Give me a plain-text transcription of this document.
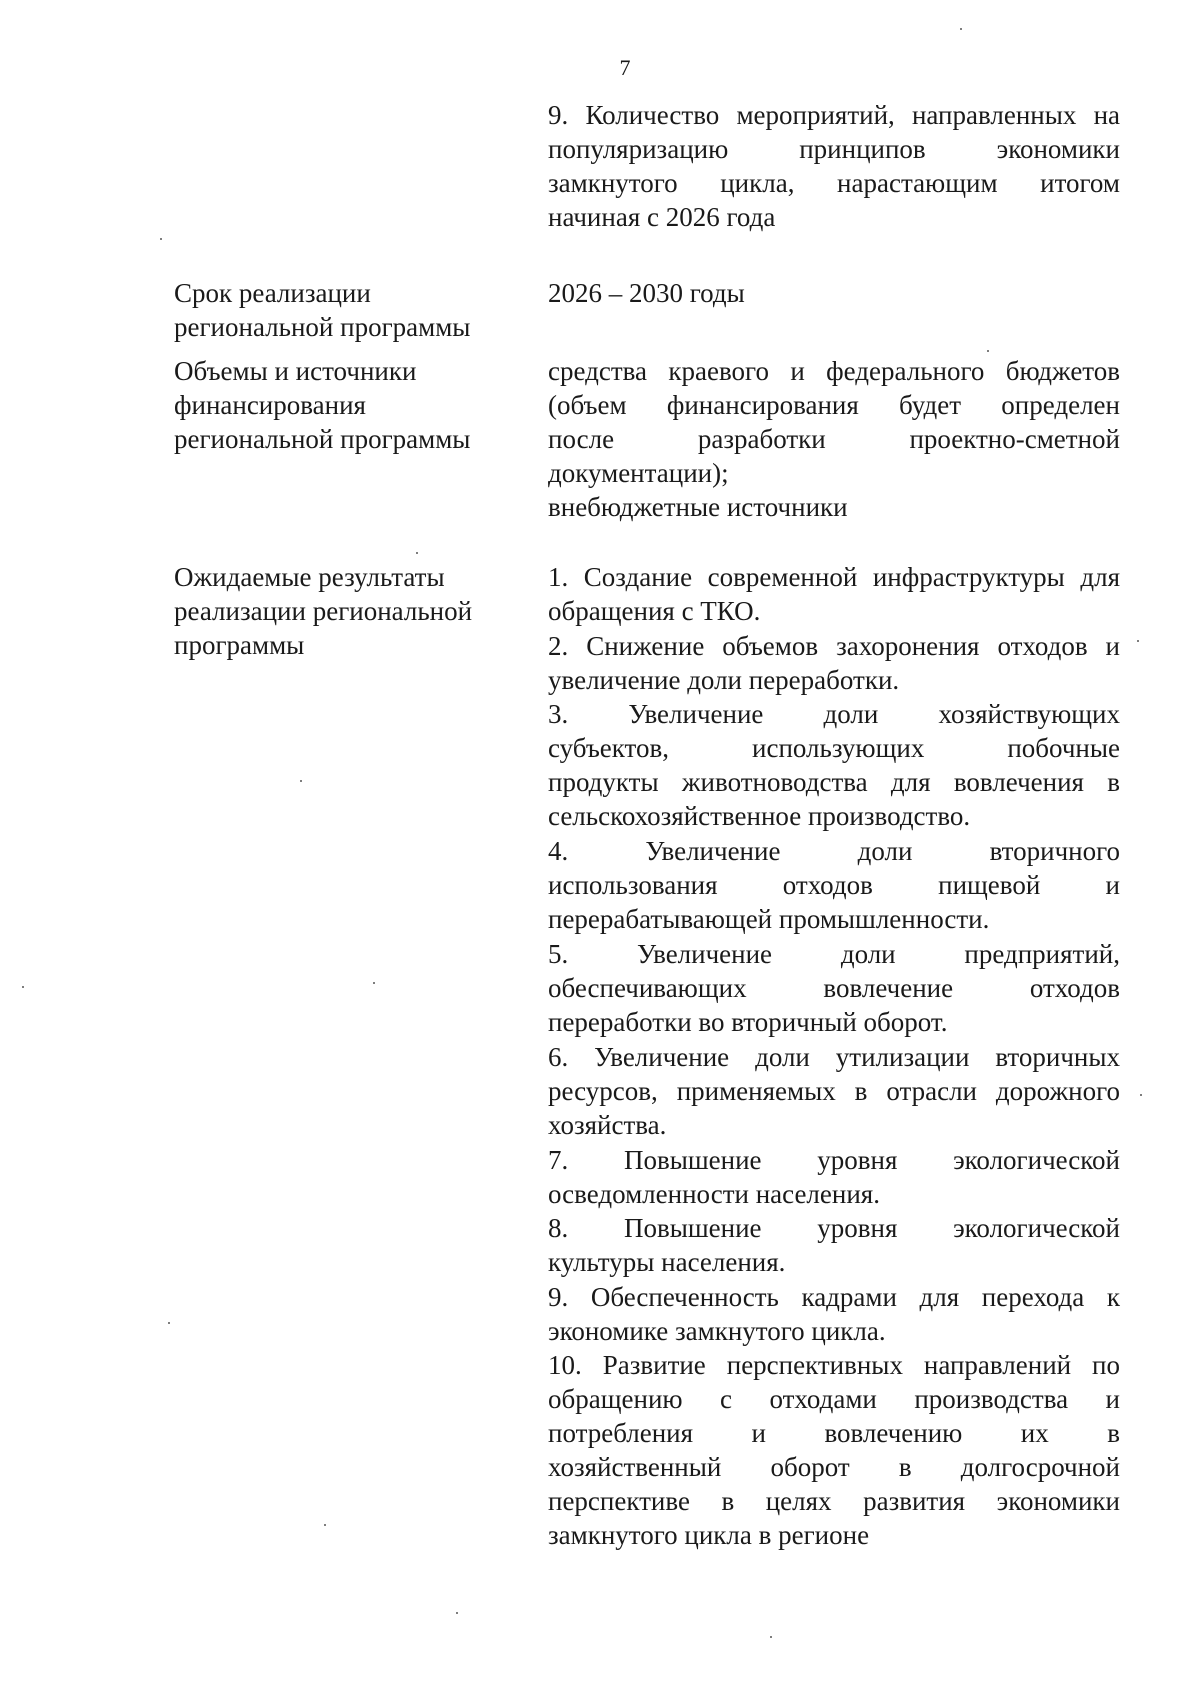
7
9. Количество мероприятий, направленных на
популяризацию принципов экономики
замкнутого цикла, нарастающим итогом
начиная с 2026 года
Срок реализации
региональной программы
2026 – 2030 годы
Объемы и источники
финансирования
региональной программы
средства краевого и федерального бюджетов
(объем финансирования будет определен
после разработки проектно-сметной
документации);
внебюджетные источники
Ожидаемые результаты
реализации региональной
программы
1. Создание современной инфраструктуры для
обращения с ТКО.
2. Снижение объемов захоронения отходов и
увеличение доли переработки.
3. Увеличение доли хозяйствующих
субъектов, использующих побочные
продукты животноводства для вовлечения в
сельскохозяйственное производство.
4. Увеличение доли вторичного
использования отходов пищевой и
перерабатывающей промышленности.
5. Увеличение доли предприятий,
обеспечивающих вовлечение отходов
переработки во вторичный оборот.
6. Увеличение доли утилизации вторичных
ресурсов, применяемых в отрасли дорожного
хозяйства.
7. Повышение уровня экологической
осведомленности населения.
8. Повышение уровня экологической
культуры населения.
9. Обеспеченность кадрами для перехода к
экономике замкнутого цикла.
10. Развитие перспективных направлений по
обращению с отходами производства и
потребления и вовлечению их в
хозяйственный оборот в долгосрочной
перспективе в целях развития экономики
замкнутого цикла в регионе
